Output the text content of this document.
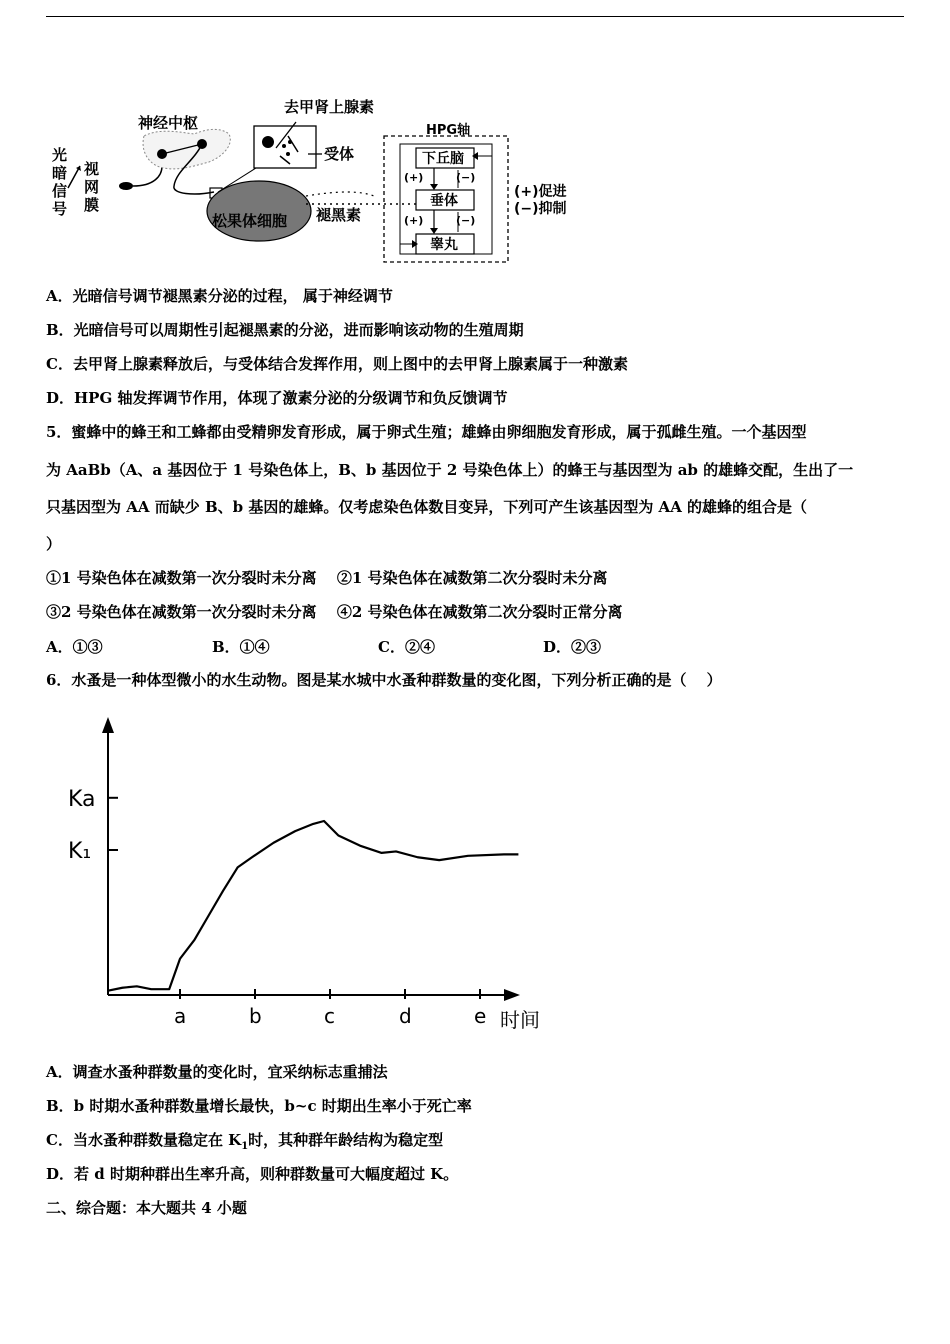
光
暗
信
号
视
网
膜
神经中枢
去甲肾上腺素
受体
松果体细胞 褪黑素
HPG轴
下丘脑
垂体
睾丸
(+)	(−)
(+)	(−)
(+)促进
(−)抑制
A．光暗信号调节褪黑素分泌的过程， 属于神经调节
B．光暗信号可以周期性引起褪黑素的分泌，进而影响该动物的生殖周期
C．去甲肾上腺素释放后，与受体结合发挥作用，则上图中的去甲肾上腺素属于一种激素
D．HPG 轴发挥调节作用，体现了激素分泌的分级调节和负反馈调节
5．蜜蜂中的蜂王和工蜂都由受精卵发育形成，属于卵式生殖；雄蜂由卵细胞发育形成，属于孤雌生殖。一个基因型
为 AaBb（A、a 基因位于 1 号染色体上，B、b 基因位于 2 号染色体上）的蜂王与基因型为 ab 的雄蜂交配，生出了一
只基因型为 AA 而缺少 B、b 基因的雄蜂。仅考虑染色体数目变异，下列可产生该基因型为 AA 的雄蜂的组合是（
）
①1 号染色体在减数第一次分裂时未分离　 ②1 号染色体在减数第二次分裂时未分离
③2 号染色体在减数第一次分裂时未分离　 ④2 号染色体在减数第二次分裂时正常分离
A．①③	B．①④	C．②④	D．②③
6．水蚤是一种体型微小的水生动物。图是某水城中水蚤种群数量的变化图，下列分析正确的是（　 ）
时间
K₁
Ka
a	b	c	d	e
A．调查水蚤种群数量的变化时，宜采纳标志重捕法
B．b 时期水蚤种群数量增长最快，b~c 时期出生率小于死亡率
C．当水蚤种群数量稳定在 $K_1$时，其种群年龄结构为稳定型
D．若 d 时期种群出生率升高，则种群数量可大幅度超过 K。
二、综合题：本大题共 4 小题
